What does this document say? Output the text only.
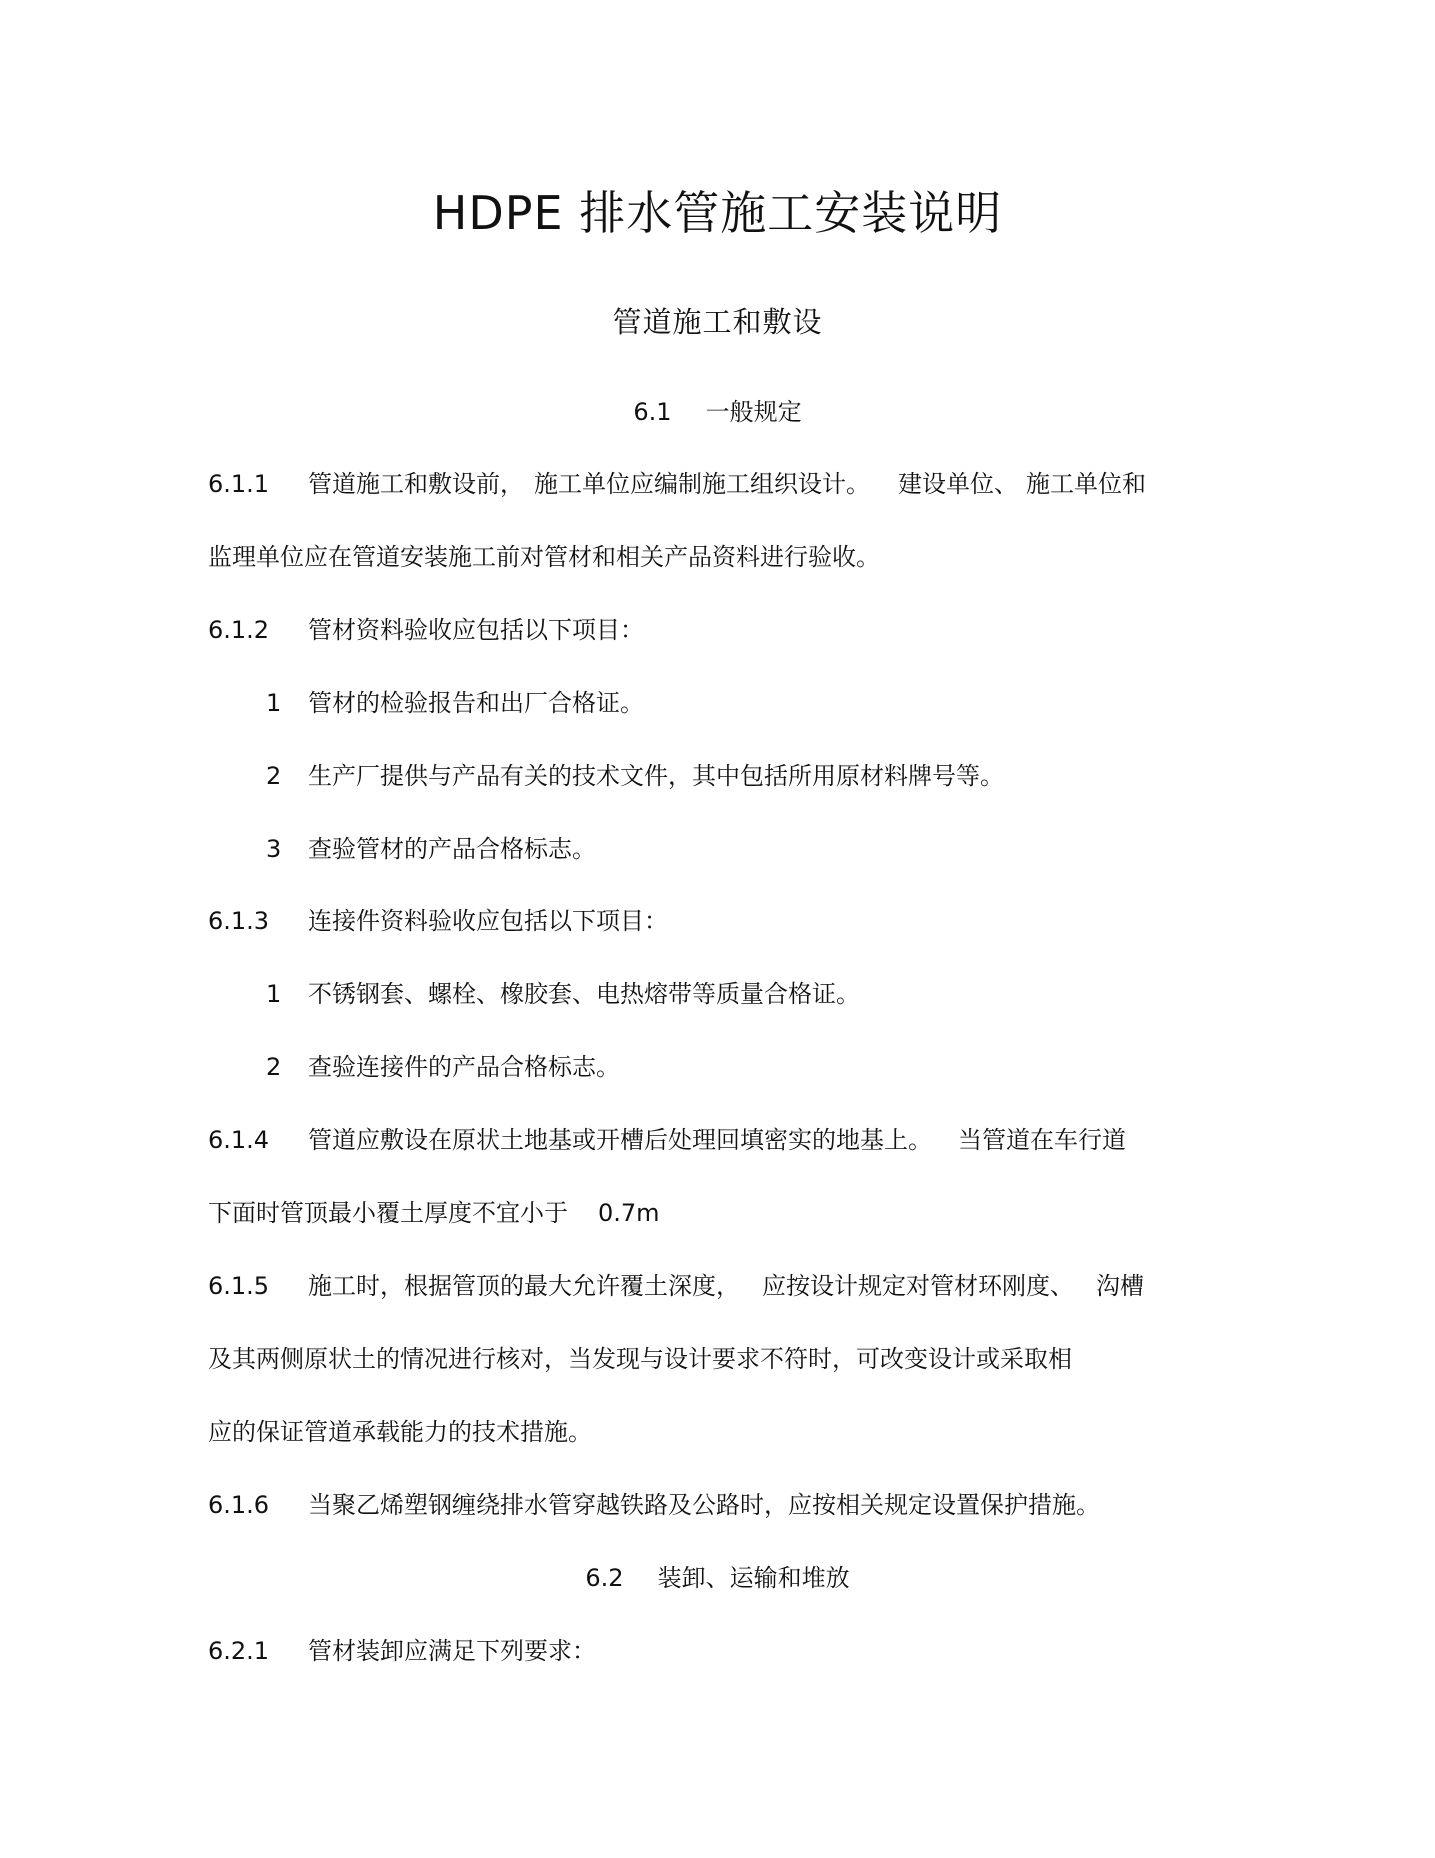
HDPE 排水管施工安装说明
管道施工和敷设
6.1 一般规定
6.1.1 管道施工和敷设前， 施工单位应编制施工组织设计。 建设单位、 施工单位和
监理单位应在管道安装施工前对管材和相关产品资料进行验收。
6.1.2 管材资料验收应包括以下项目：
1 管材的检验报告和出厂合格证。
2 生产厂提供与产品有关的技术文件，其中包括所用原材料牌号等。
3 查验管材的产品合格标志。
6.1.3 连接件资料验收应包括以下项目：
1 不锈钢套、螺栓、橡胶套、电热熔带等质量合格证。
2 查验连接件的产品合格标志。
6.1.4 管道应敷设在原状土地基或开槽后处理回填密实的地基上。 当管道在车行道
下面时管顶最小覆土厚度不宜小于 0.7m
6.1.5 施工时，根据管顶的最大允许覆土深度， 应按设计规定对管材环刚度、 沟槽
及其两侧原状土的情况进行核对，当发现与设计要求不符时，可改变设计或采取相
应的保证管道承载能力的技术措施。
6.1.6 当聚乙烯塑钢缠绕排水管穿越铁路及公路时，应按相关规定设置保护措施。
6.2 装卸、运输和堆放
6.2.1 管材装卸应满足下列要求：
